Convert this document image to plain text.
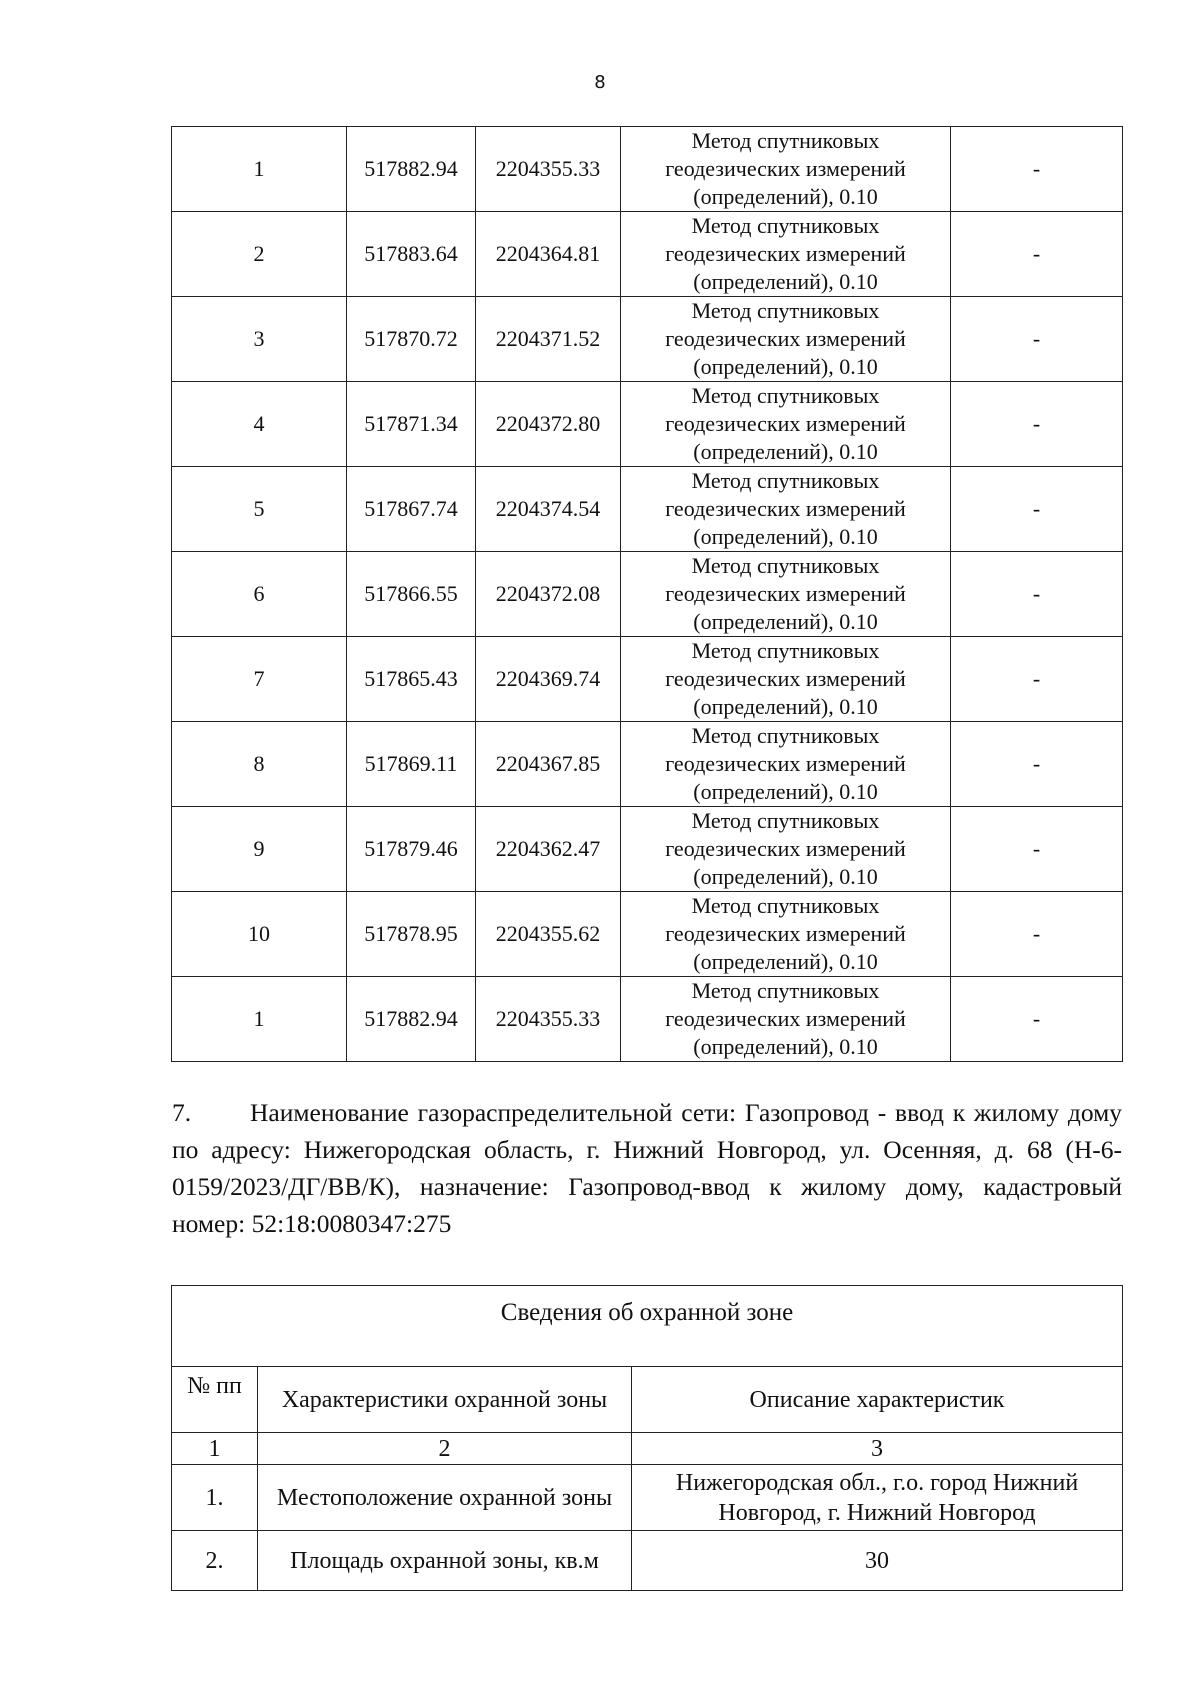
8
1	517882.94	2204355.33	Метод спутниковых
геодезических измерений
(определений), 0.10	-
2	517883.64	2204364.81	Метод спутниковых
геодезических измерений
(определений), 0.10	-
3	517870.72	2204371.52	Метод спутниковых
геодезических измерений
(определений), 0.10	-
4	517871.34	2204372.80	Метод спутниковых
геодезических измерений
(определений), 0.10	-
5	517867.74	2204374.54	Метод спутниковых
геодезических измерений
(определений), 0.10	-
6	517866.55	2204372.08	Метод спутниковых
геодезических измерений
(определений), 0.10	-
7	517865.43	2204369.74	Метод спутниковых
геодезических измерений
(определений), 0.10	-
8	517869.11	2204367.85	Метод спутниковых
геодезических измерений
(определений), 0.10	-
9	517879.46	2204362.47	Метод спутниковых
геодезических измерений
(определений), 0.10	-
10	517878.95	2204355.62	Метод спутниковых
геодезических измерений
(определений), 0.10	-
1	517882.94	2204355.33	Метод спутниковых
геодезических измерений
(определений), 0.10	-
7. Наименование газораспределительной сети: Газопровод - ввод к жилому дому по адресу: Нижегородская область, г. Нижний Новгород, ул. Осенняя, д. 68 (Н-6-0159/2023/ДГ/ВВ/К), назначение: Газопровод-ввод к жилому дому, кадастровый номер: 52:18:0080347:275
Сведения об охранной зоне		
№ пп	Характеристики охранной зоны	Описание характеристик
1	2	3
1.	Местоположение охранной зоны	Нижегородская обл., г.о. город Нижний Новгород, г. Нижний Новгород
2.	Площадь охранной зоны, кв.м	30
